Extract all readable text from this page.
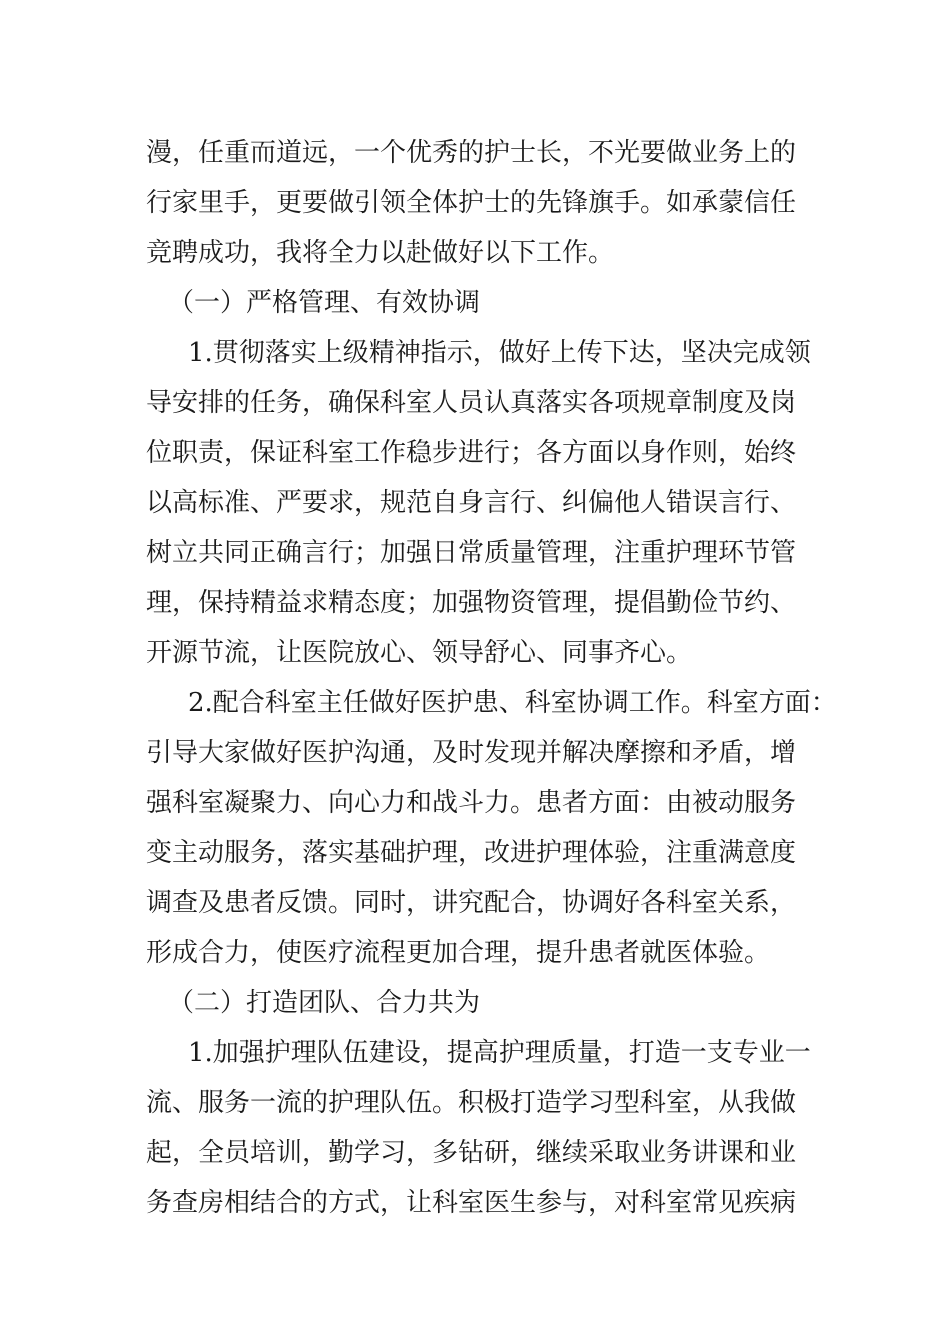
漫，任重而道远，一个优秀的护士长，不光要做业务上的
行家里手，更要做引领全体护士的先锋旗手。如承蒙信任
竞聘成功，我将全力以赴做好以下工作。
（一）严格管理、有效协调
1.贯彻落实上级精神指示，做好上传下达，坚决完成领
导安排的任务，确保科室人员认真落实各项规章制度及岗
位职责，保证科室工作稳步进行；各方面以身作则，始终
以高标准、严要求，规范自身言行、纠偏他人错误言行、
树立共同正确言行；加强日常质量管理，注重护理环节管
理，保持精益求精态度；加强物资管理，提倡勤俭节约、
开源节流，让医院放心、领导舒心、同事齐心。
2.配合科室主任做好医护患、科室协调工作。科室方面：
引导大家做好医护沟通，及时发现并解决摩擦和矛盾，增
强科室凝聚力、向心力和战斗力。患者方面：由被动服务
变主动服务，落实基础护理，改进护理体验，注重满意度
调查及患者反馈。同时，讲究配合，协调好各科室关系，
形成合力，使医疗流程更加合理，提升患者就医体验。
（二）打造团队、合力共为
1.加强护理队伍建设，提高护理质量，打造一支专业一
流、服务一流的护理队伍。积极打造学习型科室，从我做
起，全员培训，勤学习，多钻研，继续采取业务讲课和业
务查房相结合的方式，让科室医生参与，对科室常见疾病
